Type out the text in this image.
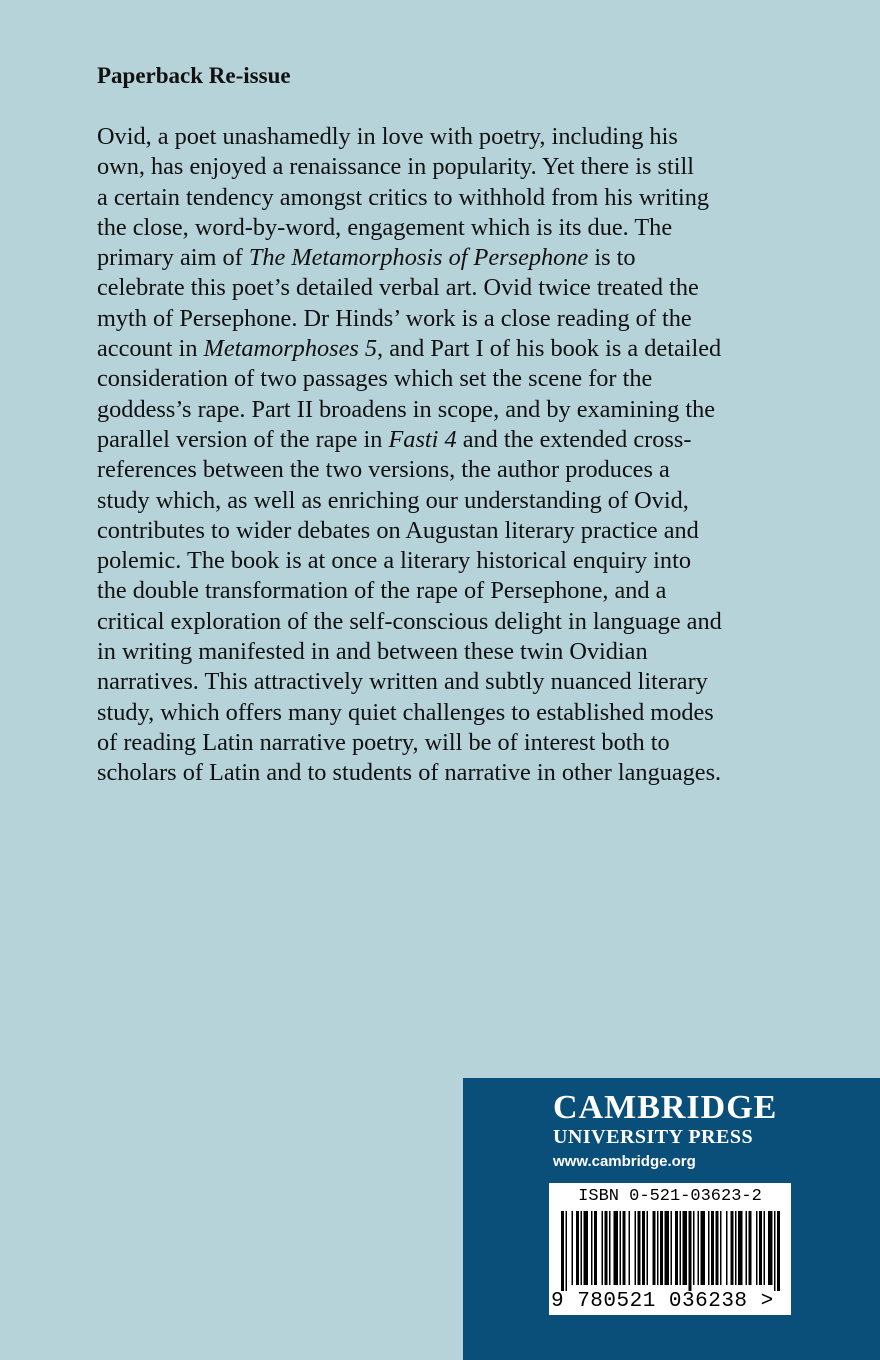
Paperback Re-issue
Ovid, a poet unashamedly in love with poetry, including his
own, has enjoyed a renaissance in popularity. Yet there is still
a certain tendency amongst critics to withhold from his writing
the close, word-by-word, engagement which is its due. The
primary aim of The Metamorphosis of Persephone is to
celebrate this poet’s detailed verbal art. Ovid twice treated the
myth of Persephone. Dr Hinds’ work is a close reading of the
account in Metamorphoses 5, and Part I of his book is a detailed
consideration of two passages which set the scene for the
goddess’s rape. Part II broadens in scope, and by examining the
parallel version of the rape in Fasti 4 and the extended cross-
references between the two versions, the author produces a
study which, as well as enriching our understanding of Ovid,
contributes to wider debates on Augustan literary practice and
polemic. The book is at once a literary historical enquiry into
the double transformation of the rape of Persephone, and a
critical exploration of the self-conscious delight in language and
in writing manifested in and between these twin Ovidian
narratives. This attractively written and subtly nuanced literary
study, which offers many quiet challenges to established modes
of reading Latin narrative poetry, will be of interest both to
scholars of Latin and to students of narrative in other languages.
CAMBRIDGE
UNIVERSITY PRESS
www.cambridge.org
ISBN 0-521-03623-2
9 780521 036238 >
